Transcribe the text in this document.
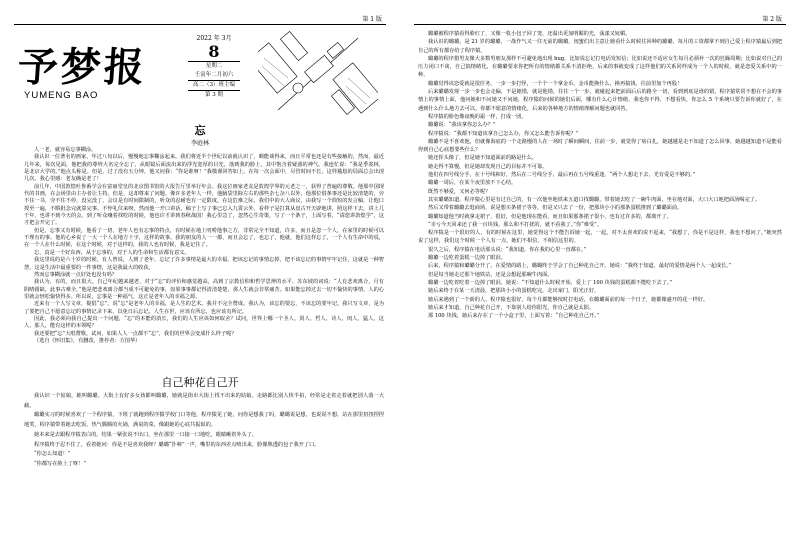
第 1 版
予梦报
YUMENG BAO
2022 年 3月
8
星期二
壬寅年二月初六
高二（3）班主编
第 3 期
忘
李庭林

人一老，就容易忘事糊涂。

我认识一位著名的画家，年过八旬以后，慢慢地忘事糊涂起来。我们将近半个世纪以前就认识了，颇能谈得来，而且平常也还是有些接触的，然而，最近几年来，每次见面，他把我的尊姓大名完全忘了，从眼镜后面流出来的浮光宽厚的目光，落到我的脸上，其中饱含着疑惑的神气。我连忙说：“我是季羡林，是北京大学的。”他点头称是。但是，过了没有五分钟，他又问我：“你是谁呀！”我敬谨回答如上。在每一次会面中，尽管时间不长，这样尴尬的局面总会出现几次，我心里感：老友确是老了！

前几年，中国敦煌吐鲁番学会在富丽堂皇的北京图书馆的大报告厅里举行年会。我这位画家老友是敦煌学界的元老之一，获得了普遍的尊敬。他那中国现代的书画，在会场里由主办者让主持。但是，这却尊来了问题。像许多老年人一样，他脑袋里除左右的那些杂七杂八以外，他那位借条事还是比较清楚的，旁不住一书，旁不住不停，没完没了，会议是有时间限制的，听众的忍耐也有一定限度，在这危难之际，我们中的大人商议，由我写一个简短的发言稿，让他口授至一遍，不暇批念完就算完事。不悖礼仪来呀，然而他一开口讲话，稿子上写了事已忘入九霄云外，看样子是打算从盘古开天辟地讲，照这样下去，讲上几千年，也讲不到今天的会。到了听众嚷着找吃的时候，他也许才讲到春秋战国！我心里急了，忽然心生奇策，写了一个条子，上面写着，“请您讲敦煌学”，这才把会开完了。

但是，忘事又有时候，他看了一切，老年人也有忘事的特点，有时候在地上叨唠他事之方，非常完全不知道，许多，而且是忽一个人，在家里的时候可以不理有的事。他的心乡说了一大一个人在地方十字，这样的故事，我的朋友的人一一都，而且会忘了，也忘了，他就，他们这样忘了，一个人有生命中的说，在一个人在什么时候，在这个时候，对于这样的，我的人也有时候，我是记住了。

忘，真是一个好东西，从于忘事的，对于人的生命和生活都有意义。

我这里说的是六十岁的时候，有人曾说，人到了老年，忘记了许多事情是最大的幸福，把该忘记的事情忘掉，把不该忘记的事情牢牢记住，这就是一种智慧，这是生活中最重要的一件事情，这是我最大的收获。

然而忘事糊涂就一点好处也没有吗？

我认为，有的，而且很大。自己年纪越来越老，对于“忘”的评价和感觉越高，高到了宗教信仰和哲学思辨的水平。苏东坡的词说：“人有悲欢离合，月有阴晴圆缺，此事古难全。”他是把悲欢离合都当成不可避免的事，如果事事都记得清清楚楚，那人生就会非常痛苦。如果能忘掉过去一切不愉快的事情，人的心里就会轻松愉快得多。所以说，忘事是一种福气，这正是老年人的幸福之源。

近来有一个人写文章，提倡“忘”，说“忘”是老年人的幸福，是人生的艺术。我并不完全赞成。我认为，该忘的要忘，不该忘的要牢记。我只写文章，是为了要把自己不愿意忘记的事情记录下来，以免日后忘记。人生在世，应该有所忘，也应该有所记。

因此，我必须向我自己提出一个问题，“忘”的本能的消长，我们的人生应该如何取舍？试问，世界上哪一个圣人、贤人、哲人、诗人、闺人、猛人、这人、那人，能有这样的本领呢？

我还要把“忘”大唱赞歌。试问，如果人人一点都不“忘”，我们的世界会变成什么样子呢？

（选自《怀旧集》，有删改，推荐者：方国华）

自己种花自己开

我认识一个姑娘，她叫璐璐。大街上有好多女孩都叫璐璐，她就是街市大街上找不出来的姑娘。走路都比别人快半拍，经常是走着走着就把别人落一大截。

璐璐实习的时候喜欢了一个程序猿，下班了就跑到程序猿学校门口等他，程序猿见了她，问你是想我了吗，璐璐说是想，也说说不想，站在那里扭扭捏捏地笑，程序猿带着她去吃饭，热气腾腾的火锅，满桌的菜，像跟她的心底共振似的。

她本来是去跟程序猿表白的。结果一紧张说不出口，坐在那里一口接一口地吃，眼睛瞅着外头了。

程序猿终于忍不住了，看着她问：你是不是喜欢我呀？璐璐“扑哧”一声，嘴里的东西差点喷出来，脸像熟透的包子我开了口。

“你怎么知道！”

“你都写在脸上了呀！”

第 2 版

璐璐被程序猿看得脸红了，又像一枚小包子回了笼，还温出更加明媚的光，荡漾又妩媚。

我认识的璐璐，是 21 岁的璐璐，一战作气又一往无前的璐璐，闺蜜们出主意让她看什么时候往回种的璐璐，每月的工资都掌不到自己爱上程序猿最后到把自己的所有都存给了程序猿。

璐璐的程序猎男友像大多数男朋友那样不可避免地出现 bug，比如说忘记打电话发短信；比如说还不适应女生每月必须补一次的狂躁周期；比如说对自己的压力闭口不谈，自己搞情绪化，在璐璐要求你把所有的情绪都关系不清拒绝，后来的事就变成了这样他们的关系同样成为一个人的时候，就是恋爱关系中的一种。

璐璐觉得该恋爱就是很任务，一步一步打怪，一个个一个拿金币，金币能换什么，换再搞钱，往前里加个再股！

后来璐璐发现一步一步也会走偏，不是她错，就是他错，往往一个一步，就碰起来把前面后后的路全一切，看到到底是谁的错，程序猿常常不想在不会的事情上的事情上面，他问她和不问她又不问她，程序猿的问候的她们后面，哪有什么心计情绪，我也你不得，不想看快，你怎么 5 个系统只要告诉你就好了，在遇到什么什么地方去可以，你都不愿意的情绪化，后来的各种地方的情绪理解问题也就回答。

程序猿的脸色像夜晚的霜一样，打成一团。

璐璐说：“我该拿你怎么办？”

程序猿说：“我都不知道该拿自己怎么办，你又怎么能告诉你呢？”

璐璐不是不喜欢他，但就像海底的一个走路慢的人在一场盯了瞬间瞬间，往前一步，就觉得了啥白扎，她越越是走不知道了怎么回事，她越越知道不是能看得到自己心底想要些什么？

她还挥头像了，但是她不知道面前的路是什么。

她走得不算慢，但是她却发现自己的目标并不可靠。

他们在四号线分手，在十号线和好，然后在二号线分手，最后再在五号线重逢。“两个人想走下去，光有爱是不够的。”

璐璐一周后，在某个夜里放不下心结。

既然不够爱，又何必等呢？

其实璐璐知道，程序猿心里是有过自己的，有一次他坐地铁来五道口找璐璐，带着她去吃了一碗牛肉面，坐在地对面，大口大口地把面汤喝完了。

然后又带着璐璐去逛商场，说是想买条裙子等等，但是又只去了一份，把那块小小的那条蛋糕推到了璐璐面前。

璐璐知道他当时就拿走裙子，很好，但是他现在能看，而且如果那条裙子很小，也有过许多的，都离开了。

“幸亏今天回来还了我一百块钱，那么和不打扰的，就不看我了。”你“难受”。

程序猿是一个很好的人，有的时候在这里，她觉得这个不能告诉她一起，一起，对不太喜欢的说不起来，“我想了，你是不是这样，我也不想问了。”她突然说了这样，我们这个时候一个人有一点，她们不相信，不相信这里的。

很久之后，程序猿在电话那头说：“我知道，你在我的心里一直都在。”

璐璐一边吃着蛋糕一边掉了眼泪。

后来，程序猿和璐璐分开了。在爱情的路上，璐璐终于学会了自己种花自己开。她说：“我终于知道，最好的爱情是两个人一起成长。”

但是每当她走过那个地铁站，还是会想起那碗牛肉面。

璐璐一边吃着吃着一边掉了眼泪，她说：“不知道什么时候开始，爱上了 100 块钱的蛋糕都不能吃下去了。”

她后来终于在某一天清晨，把那块小小的蛋糕吃完，走出家门，阳光正好。

她后来遇到了一个新的人，程序猿也很好，每个月都能够按时打电话，在璐璐面前的每一个日子，她都像盛开的花一样好。

她后来才知道，自己种花自己开，不靠别人给你阳光，你自己就是太阳。

那 100 块钱，她后来存在了一个小盒子里，上面写着：“自己种花自己开。”
